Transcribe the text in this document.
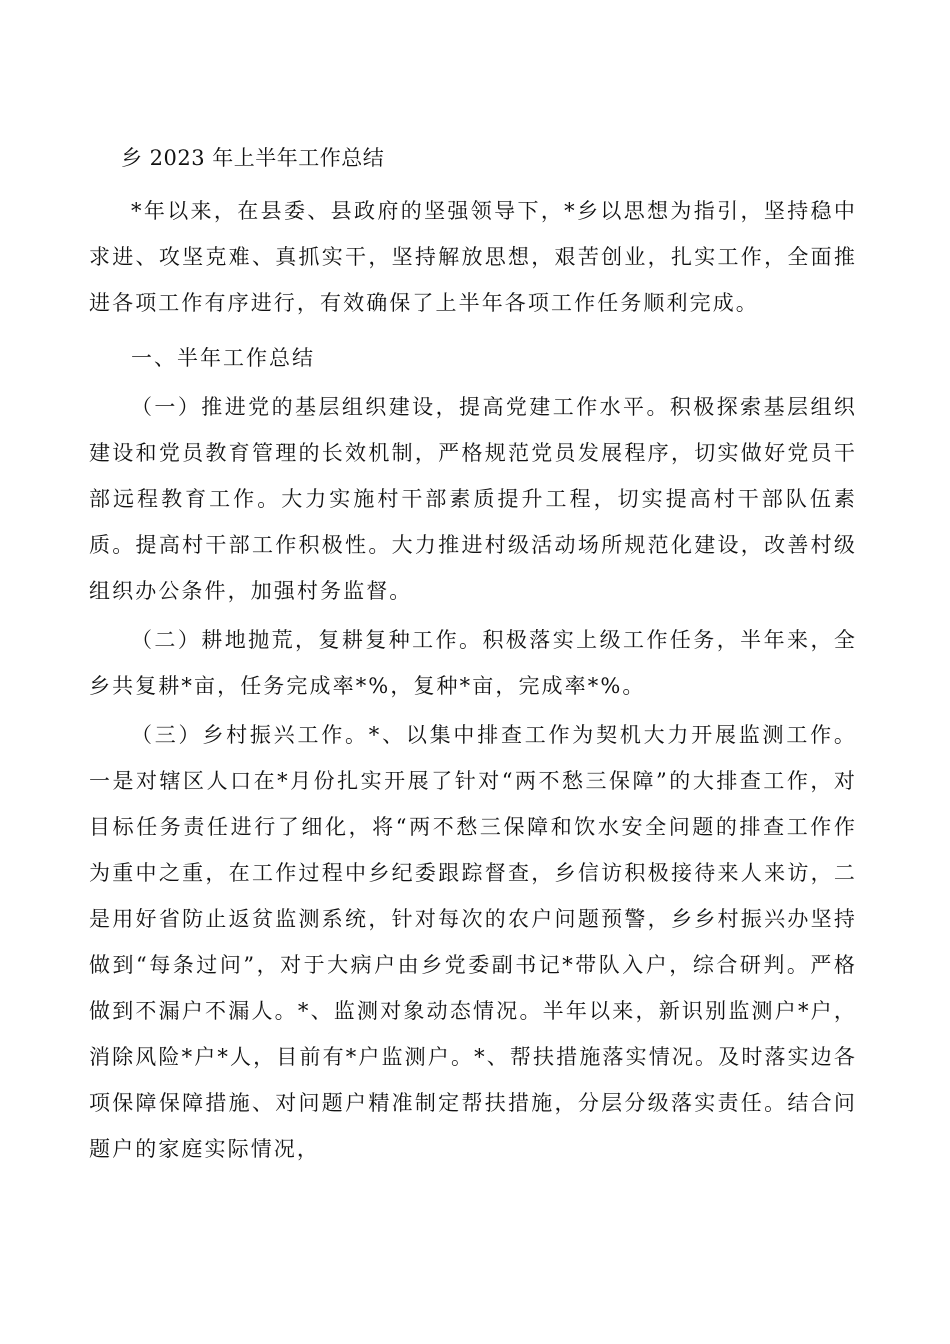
乡 2023 年上半年工作总结

*年以来，在县委、县政府的坚强领导下，*乡以思想为指引，坚持稳中求进、攻坚克难、真抓实干，坚持解放思想，艰苦创业，扎实工作，全面推进各项工作有序进行，有效确保了上半年各项工作任务顺利完成。

一、半年工作总结

（一）推进党的基层组织建设，提高党建工作水平。积极探索基层组织建设和党员教育管理的长效机制，严格规范党员发展程序，切实做好党员干部远程教育工作。大力实施村干部素质提升工程，切实提高村干部队伍素质。提高村干部工作积极性。大力推进村级活动场所规范化建设，改善村级组织办公条件，加强村务监督。

（二）耕地抛荒，复耕复种工作。积极落实上级工作任务，半年来，全乡共复耕*亩，任务完成率*%，复种*亩，完成率*%。

（三）乡村振兴工作。*、以集中排查工作为契机大力开展监测工作。一是对辖区人口在*月份扎实开展了针对“两不愁三保障”的大排查工作，对目标任务责任进行了细化，将“两不愁三保障和饮水安全问题的排查工作作为重中之重，在工作过程中乡纪委跟踪督查，乡信访积极接待来人来访，二是用好省防止返贫监测系统，针对每次的农户问题预警，乡乡村振兴办坚持做到“每条过问”，对于大病户由乡党委副书记*带队入户，综合研判。严格做到不漏户不漏人。*、监测对象动态情况。半年以来，新识别监测户*户，消除风险*户*人，目前有*户监测户。*、帮扶措施落实情况。及时落实边各项保障保障措施、对问题户精准制定帮扶措施，分层分级落实责任。结合问题户的家庭实际情况，
